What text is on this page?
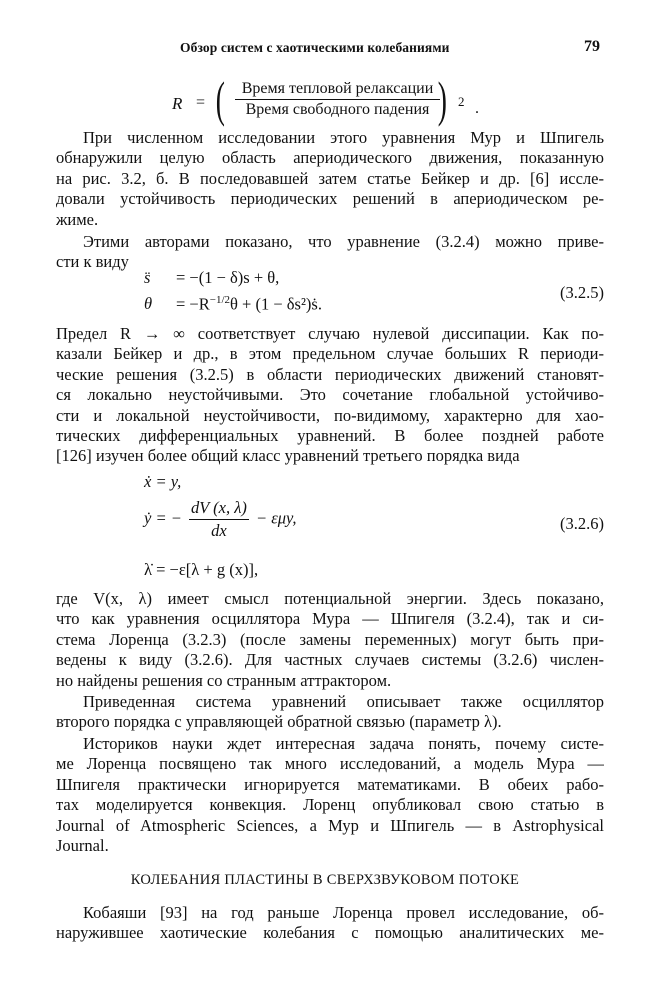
Обзор систем с хаотическими колебаниями	79
R = (	Время тепловой релаксации
Время свободного падения ) 2 .
При численном исследовании этого уравнения Мур и Шпигель
обнаружили целую область апериодического движения, показанную
на рис. 3.2, б. В последовавшей затем статье Бейкер и др. [6] иссле-
довали устойчивость периодических решений в апериодическом ре-
жиме.
Этими авторами показано, что уравнение (3.2.4) можно приве-
сти к виду
s̈ = −(1 − δ)s + θ,
$\theta = -R^{-1/2}\theta + (1$ − δs²)ṡ.
(3.2.5)
Предел R → ∞ соответствует случаю нулевой диссипации. Как по-
казали Бейкер и др., в этом предельном случае больших R периоди-
ческие решения (3.2.5) в области периодических движений становят-
ся локально неустойчивыми. Это сочетание глобальной устойчиво-
сти и локальной неустойчивости, по-видимому, характерно для хао-
тических дифференциальных уравнений. В более поздней работе
[126] изучен более общий класс уравнений третьего порядка вида
ẋ = y,
ẏ = − $\frac{dV (x, \lambda)}{dx} - \varepsilon\mu y$,
λ̇ = −ε[λ + g (x)],
(3.2.6)
где V(x, λ) имеет смысл потенциальной энергии. Здесь показано,
что как уравнения осциллятора Мура — Шпигеля (3.2.4), так и си-
стема Лоренца (3.2.3) (после замены переменных) могут быть при-
ведены к виду (3.2.6). Для частных случаев системы (3.2.6) числен-
но найдены решения со странным аттрактором.
Приведенная система уравнений описывает также осциллятор
второго порядка с управляющей обратной связью (параметр λ).
Историков науки ждет интересная задача понять, почему систе-
ме Лоренца посвящено так много исследований, а модель Мура —
Шпигеля практически игнорируется математиками. В обеих рабо-
тах моделируется конвекция. Лоренц опубликовал свою статью в
Journal of Atmospheric Sciences, а Мур и Шпигель — в Astrophysical
Journal.
КОЛЕБАНИЯ ПЛАСТИНЫ В СВЕРХЗВУКОВОМ ПОТОКЕ
Кобаяши [93] на год раньше Лоренца провел исследование, об-
наружившее хаотические колебания с помощью аналитических ме-
